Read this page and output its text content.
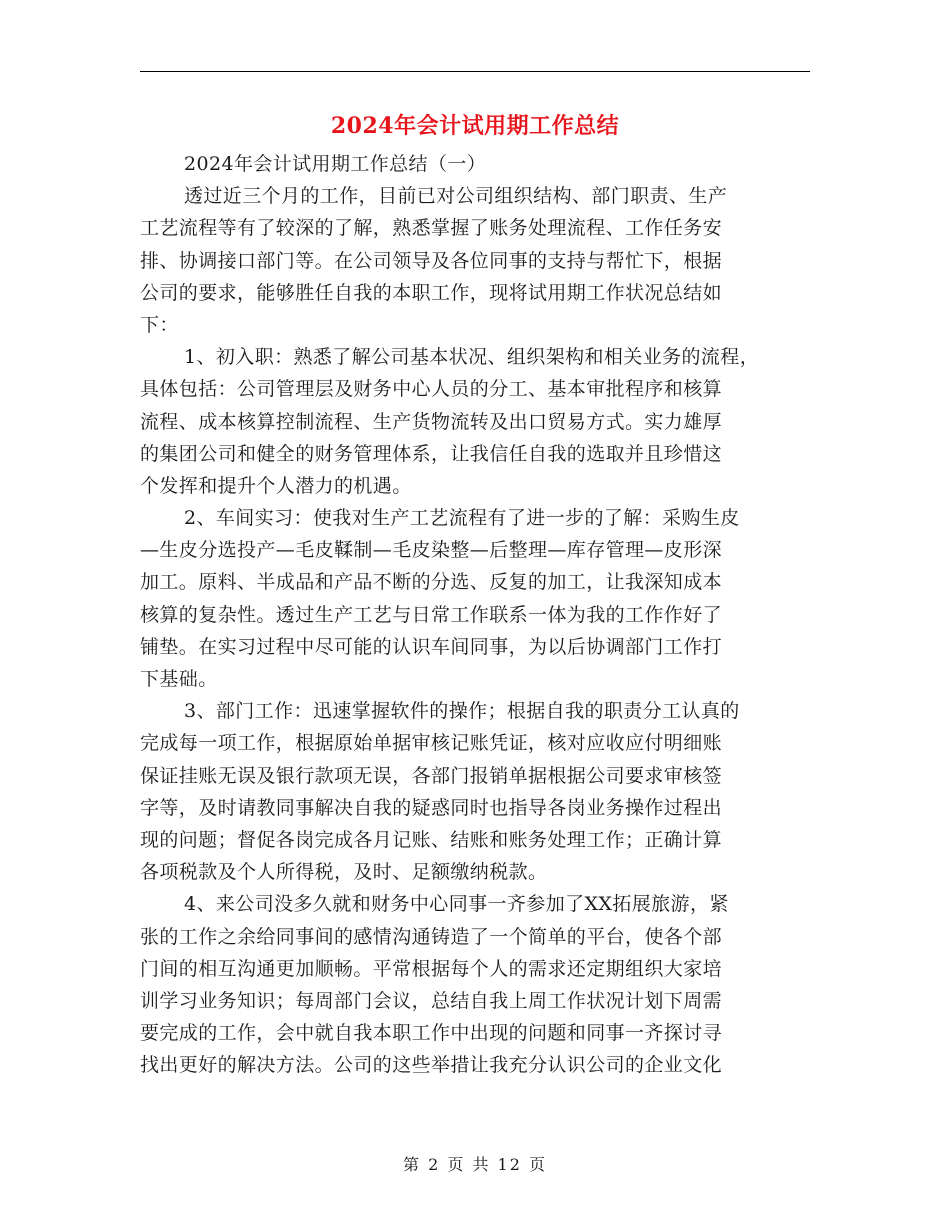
2024年会计试用期工作总结
2024年会计试用期工作总结（一）
透过近三个月的工作，目前已对公司组织结构、部门职责、生产
工艺流程等有了较深的了解，熟悉掌握了账务处理流程、工作任务安
排、协调接口部门等。在公司领导及各位同事的支持与帮忙下，根据
公司的要求，能够胜任自我的本职工作，现将试用期工作状况总结如
下：
1、初入职：熟悉了解公司基本状况、组织架构和相关业务的流程，
具体包括：公司管理层及财务中心人员的分工、基本审批程序和核算
流程、成本核算控制流程、生产货物流转及出口贸易方式。实力雄厚
的集团公司和健全的财务管理体系，让我信任自我的选取并且珍惜这
个发挥和提升个人潜力的机遇。
2、车间实习：使我对生产工艺流程有了进一步的了解：采购生皮
—生皮分选投产—毛皮鞣制—毛皮染整—后整理—库存管理—皮形深
加工。原料、半成品和产品不断的分选、反复的加工，让我深知成本
核算的复杂性。透过生产工艺与日常工作联系一体为我的工作作好了
铺垫。在实习过程中尽可能的认识车间同事，为以后协调部门工作打
下基础。
3、部门工作：迅速掌握软件的操作；根据自我的职责分工认真的
完成每一项工作，根据原始单据审核记账凭证，核对应收应付明细账
保证挂账无误及银行款项无误，各部门报销单据根据公司要求审核签
字等，及时请教同事解决自我的疑惑同时也指导各岗业务操作过程出
现的问题；督促各岗完成各月记账、结账和账务处理工作；正确计算
各项税款及个人所得税，及时、足额缴纳税款。
4、来公司没多久就和财务中心同事一齐参加了XX拓展旅游，紧
张的工作之余给同事间的感情沟通铸造了一个简单的平台，使各个部
门间的相互沟通更加顺畅。平常根据每个人的需求还定期组织大家培
训学习业务知识；每周部门会议，总结自我上周工作状况计划下周需
要完成的工作，会中就自我本职工作中出现的问题和同事一齐探讨寻
找出更好的解决方法。公司的这些举措让我充分认识公司的企业文化
第 2 页 共 12 页
